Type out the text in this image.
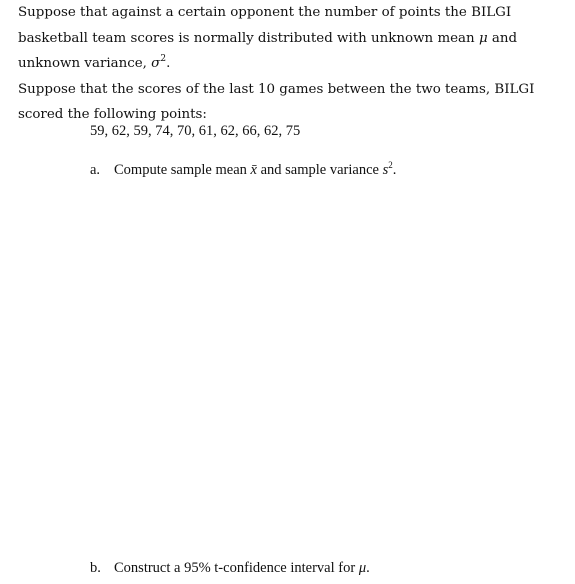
Suppose that against a certain opponent the number of points the BILGI basketball team scores is normally distributed with unknown mean μ and unknown variance, $\sigma^2$.

Suppose that the scores of the last 10 games between the two teams, BILGI scored the following points:

59, 62, 59, 74, 70, 61, 62, 66, 62, 75
a. Compute sample mean x̄ and sample variance $s^2$.
b. Construct a 95% t-confidence interval for μ.
